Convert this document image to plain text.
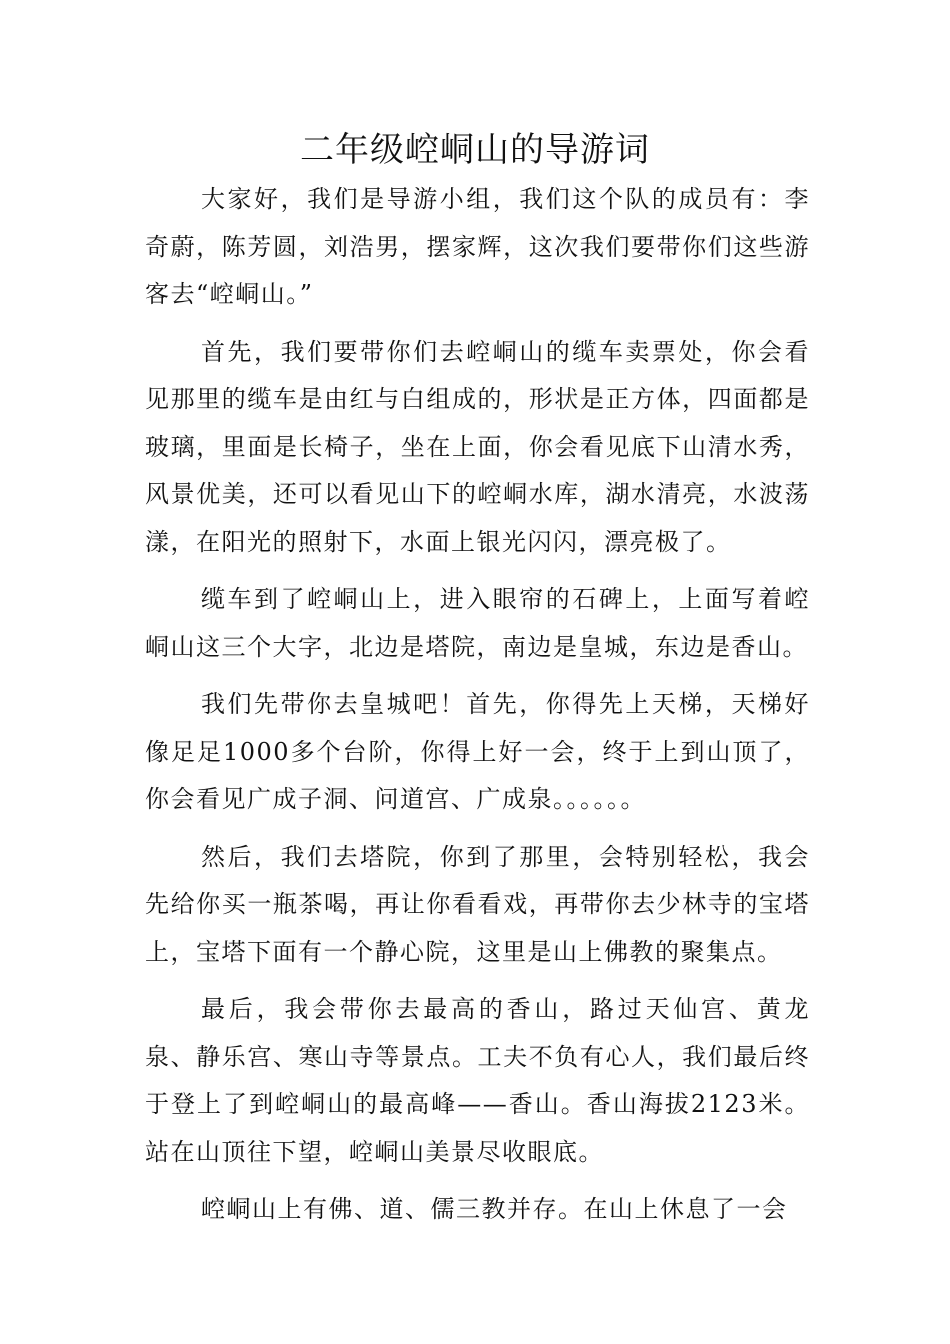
二年级崆峒山的导游词

大家好，我们是导游小组，我们这个队的成员有：李奇蔚，陈芳圆，刘浩男，摆家辉，这次我们要带你们这些游客去“崆峒山。”

首先，我们要带你们去崆峒山的缆车卖票处，你会看见那里的缆车是由红与白组成的，形状是正方体，四面都是玻璃，里面是长椅子，坐在上面，你会看见底下山清水秀，风景优美，还可以看见山下的崆峒水库，湖水清亮，水波荡漾，在阳光的照射下，水面上银光闪闪，漂亮极了。

缆车到了崆峒山上，进入眼帘的石碑上，上面写着崆峒山这三个大字，北边是塔院，南边是皇城，东边是香山。

我们先带你去皇城吧！首先，你得先上天梯，天梯好像足足1000多个台阶，你得上好一会，终于上到山顶了，你会看见广成子洞、问道宫、广成泉。。。。。。

然后，我们去塔院，你到了那里，会特别轻松，我会先给你买一瓶茶喝，再让你看看戏，再带你去少林寺的宝塔上，宝塔下面有一个静心院，这里是山上佛教的聚集点。

最后，我会带你去最高的香山，路过天仙宫、黄龙泉、静乐宫、寒山寺等景点。工夫不负有心人，我们最后终于登上了到崆峒山的最高峰——香山。香山海拔2123米。站在山顶往下望，崆峒山美景尽收眼底。

崆峒山上有佛、道、儒三教并存。在山上休息了一会
